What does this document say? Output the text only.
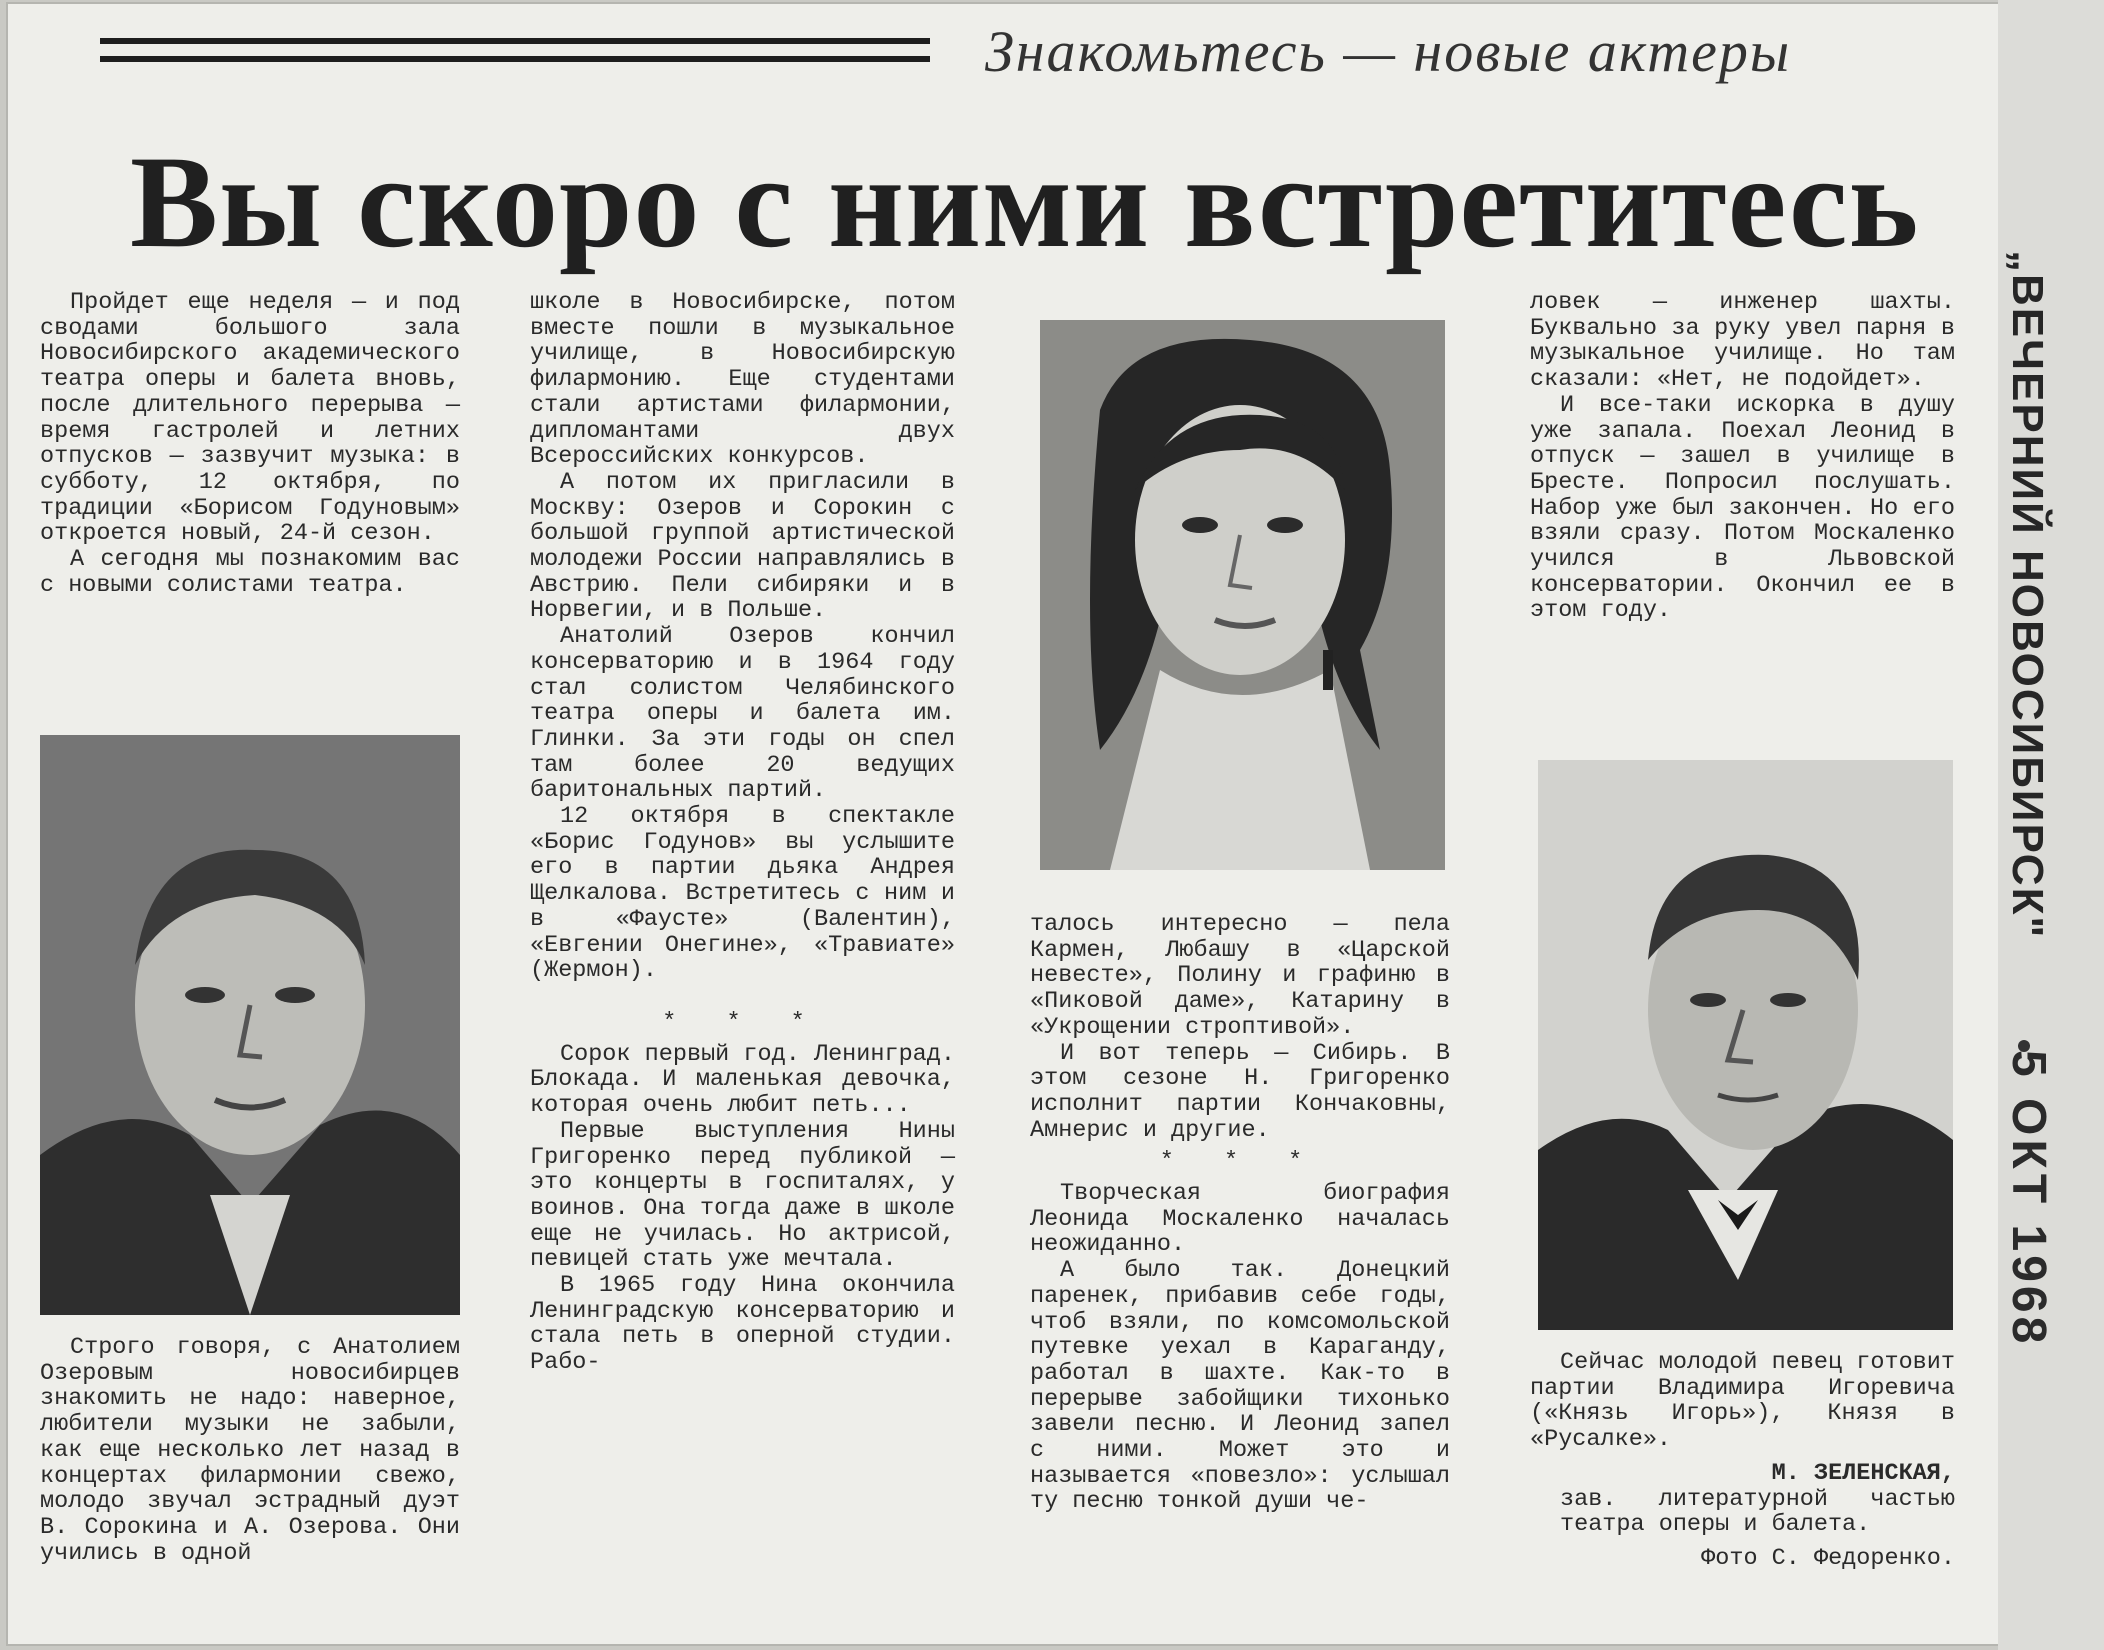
Знакомьтесь — новые актеры
Вы скоро с ними встретитесь

Пройдет еще неделя — и под сводами большого зала Новосибирского академического театра оперы и балета вновь, после длительного перерыва — время гастролей и летних отпусков — зазвучит музыка: в субботу, 12 октября, по традиции «Борисом Годуновым» откроется новый, 24-й сезон.

А сегодня мы познакомим вас с новыми солистами театра.

Строго говоря, с Анатолием Озеровым новосибирцев знакомить не надо: наверное, любители музыки не забыли, как еще несколько лет назад в концертах филармонии свежо, молодо звучал эстрадный дуэт В. Сорокина и А. Озерова. Они учились в одной

школе в Новосибирске, потом вместе пошли в музыкальное училище, в Новосибирскую филармонию. Еще студентами стали артистами филармонии, дипломантами двух Всероссийских конкурсов.

А потом их пригласили в Москву: Озеров и Сорокин с большой группой артистической молодежи России направлялись в Австрию. Пели сибиряки и в Норвегии, и в Польше.

Анатолий Озеров кончил консерваторию и в 1964 году стал солистом Челябинского театра оперы и балета им. Глинки. За эти годы он спел там более 20 ведущих баритональных партий.

12 октября в спектакле «Борис Годунов» вы услышите его в партии дьяка Андрея Щелкалова. Встретитесь с ним и в «Фаусте» (Валентин), «Евгении Онегине», «Травиате» (Жермон).

* * *

Сорок первый год. Ленинград. Блокада. И маленькая девочка, которая очень любит петь...

Первые выступления Нины Григоренко перед публикой — это концерты в госпиталях, у воинов. Она тогда даже в школе еще не училась. Но актрисой, певицей стать уже мечтала.

В 1965 году Нина окончила Ленинградскую консерваторию и стала петь в оперной студии. Рабо-

талось интересно — пела Кармен, Любашу в «Царской невесте», Полину и графиню в «Пиковой даме», Катарину в «Укрощении строптивой».

И вот теперь — Сибирь. В этом сезоне Н. Григоренко исполнит партии Кончаковны, Амнерис и другие.

* * *

Творческая биография Леонида Москаленко началась неожиданно.

А было так. Донецкий паренек, прибавив себе годы, чтоб взяли, по комсомольской путевке уехал в Караганду, работал в шахте. Как-то в перерыве забойщики тихонько завели песню. И Леонид запел с ними. Может это и называется «повезло»: услышал ту песню тонкой души че-

ловек — инженер шахты. Буквально за руку увел парня в музыкальное училище. Но там сказали: «Нет, не подойдет».

И все-таки искорка в душу уже запала. Поехал Леонид в отпуск — зашел в училище в Бресте. Попросил послушать. Набор уже был закончен. Но его взяли сразу. Потом Москаленко учился в Львовской консерватории. Окончил ее в этом году.

Сейчас молодой певец готовит партии Владимира Игоревича («Князь Игорь»), Князя в «Русалке».

М. ЗЕЛЕНСКАЯ,

зав. литературной частью театра оперы и балета.

Фото С. Федоренко.

„ВЕЧЕРНИЙ НОВОСИБИРСК"
5 ОКТ 1968
